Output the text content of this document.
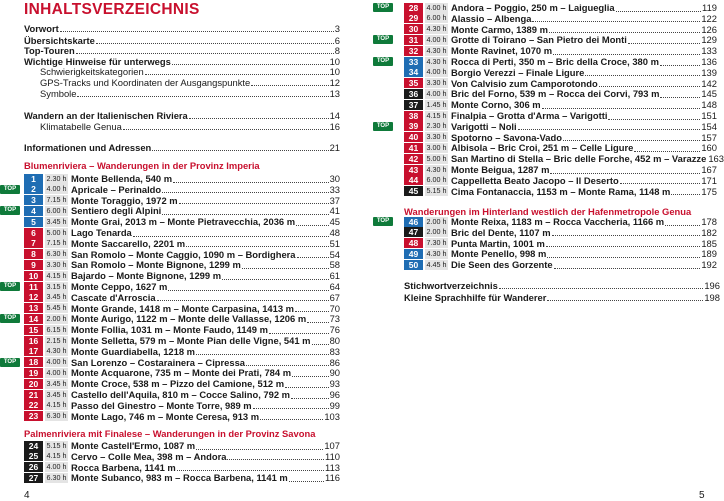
INHALTSVERZEICHNIS
Vorwort	3
Übersichtskarte	6
Top-Touren	8
Wichtige Hinweise für unterwegs	10
Schwierigkeitskategorien	10
GPS-Tracks und Koordinaten der Ausgangspunkte	12
Symbole	13
Wandern an der Italienischen Riviera	14
Klimatabelle Genua	16
Informationen und Adressen	21
Blumenriviera – Wanderungen in der Provinz Imperia
1	2.30 h Monte Bellenda, 540 m	30
TOP	2	4.00 h Apricale – Perinaldo	33
3	7.15 h Monte Toraggio, 1972 m	37
TOP	4	6.00 h Sentiero degli Alpini	41
5	3.45 h Monte Grai, 2013 m – Monte Pietravecchia, 2036 m	45
6	5.00 h Lago Tenarda	48
7	7.15 h Monte Saccarello, 2201 m	51
8	6.30 h San Romolo – Monte Caggio, 1090 m – Bordighera	54
9	3.30 h San Romolo – Monte Bignone, 1299 m	58
10	4.15 h Bajardo – Monte Bignone, 1299 m	61
TOP	11	3.15 h Monte Ceppo, 1627 m	64
12	3.45 h Cascate d'Arroscia	67
13	5.45 h Monte Grande, 1418 m – Monte Carpasina, 1413 m	70
TOP	14	2.00 h Monte Aurigo, 1122 m – Monte delle Vallasse, 1206 m 73
15	6.15 h Monte Follia, 1031 m – Monte Faudo, 1149 m	76
16	2.15 h Monte Selletta, 579 m – Monte Pian delle Vigne, 541 m 80
17	4.30 h Monte Guardiabella, 1218 m	83
TOP	18	4.00 h San Lorenzo – Costarainera – Cipressa	86
19	4.00 h Monte Acquarone, 735 m – Monte dei Prati, 784 m	90
20	3.45 h Monte Croce, 538 m – Pizzo del Camione, 512 m	93
21	3.45 h Castello dell'Aquila, 810 m – Cocce Salino, 792 m	96
22	4.15 h Passo del Ginestro – Monte Torre, 989 m	99
23	6.30 h Monte Lago, 746 m – Monte Ceresa, 913 m	103
Palmenriviera mit Finalese – Wanderungen in der Provinz Savona
24	5.15 h Monte Castell'Ermo, 1087 m	107
25	4.15 h Cervo – Colle Mea, 398 m – Andora	110
26	4.00 h Rocca Barbena, 1141 m	113
27	6.30 h Monte Subanco, 983 m – Rocca Barbena, 1141 m	116
TOP	28	4.00 h Andora – Poggio, 250 m – Laigueglia	119
29	6.00 h Alassio – Albenga	122
30	4.30 h Monte Carmo, 1389 m	126
TOP	31	4.00 h Grotte di Toirano – San Pietro dei Monti	129
32	4.30 h Monte Ravinet, 1070 m	133
TOP	33	4.30 h Rocca di Perti, 350 m – Bric della Croce, 380 m	136
34	4.00 h Borgio Verezzi – Finale Ligure	139
35	3.30 h Von Calvisio zum Camporotondo	142
36	4.00 h Bric del Forno, 539 m – Rocca dei Corvi, 793 m	145
37	1.45 h Monte Corno, 306 m	148
38	4.15 h Finalpia – Grotta d'Arma – Varigotti	151
TOP	39	2.30 h Varigotti – Noli	154
40	3.30 h Spotorno – Savona-Vado	157
41	3.00 h Albisola – Bric Croi, 251 m – Celle Ligure	160
42	5.00 h San Martino di Stella – Bric delle Forche, 452 m – Varazze 163
43	4.30 h Monte Beigua, 1287 m	167
44	6.00 h Cappelletta Beato Jacopo – Il Deserto	171
45	5.15 h Cima Fontanaccia, 1153 m – Monte Rama, 1148 m	175
Wanderungen im Hinterland westlich der Hafenmetropole Genua
TOP	46	2.00 h Monte Reixa, 1183 m – Rocca Vaccheria, 1166 m	178
47	2.00 h Bric del Dente, 1107 m	182
48	7.30 h Punta Martin, 1001 m	185
49	4.30 h Monte Penello, 998 m	189
50	4.45 h Die Seen des Gorzente	192
Stichwortverzeichnis	196
Kleine Sprachhilfe für Wanderer	198
4	5
